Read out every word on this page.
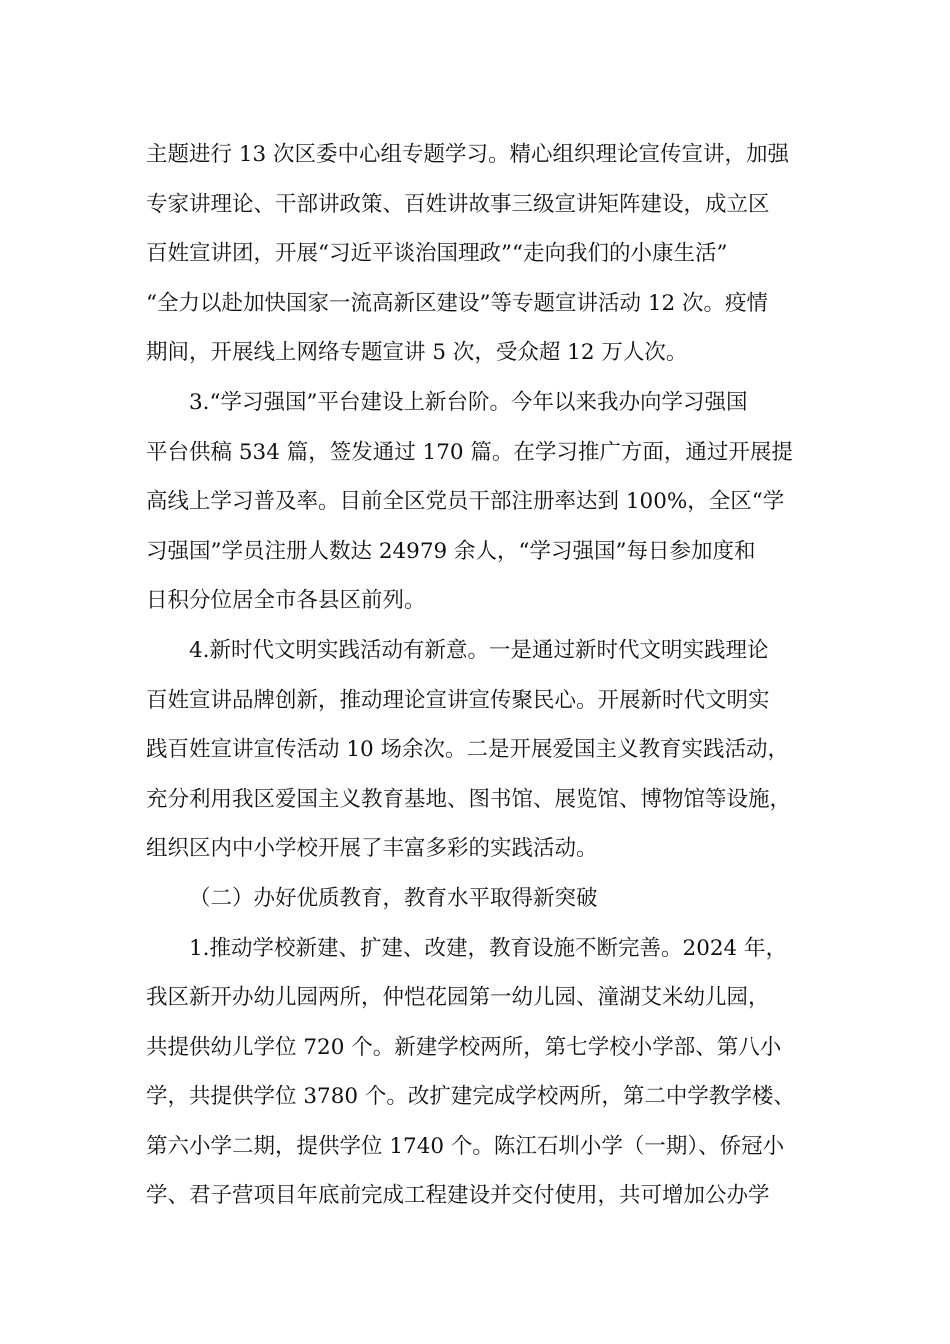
主题进行 13 次区委中心组专题学习。精心组织理论宣传宣讲，加强
专家讲理论、干部讲政策、百姓讲故事三级宣讲矩阵建设，成立区
百姓宣讲团，开展“习近平谈治国理政”“走向我们的小康生活”
“全力以赴加快国家一流高新区建设”等专题宣讲活动 12 次。疫情
期间，开展线上网络专题宣讲 5 次，受众超 12 万人次。
3.“学习强国”平台建设上新台阶。今年以来我办向学习强国
平台供稿 534 篇，签发通过 170 篇。在学习推广方面，通过开展提
高线上学习普及率。目前全区党员干部注册率达到 100%，全区“学
习强国”学员注册人数达 24979 余人，“学习强国”每日参加度和
日积分位居全市各县区前列。
4.新时代文明实践活动有新意。一是通过新时代文明实践理论
百姓宣讲品牌创新，推动理论宣讲宣传聚民心。开展新时代文明实
践百姓宣讲宣传活动 10 场余次。二是开展爱国主义教育实践活动，
充分利用我区爱国主义教育基地、图书馆、展览馆、博物馆等设施，
组织区内中小学校开展了丰富多彩的实践活动。
（二）办好优质教育，教育水平取得新突破
1.推动学校新建、扩建、改建，教育设施不断完善。2024 年，
我区新开办幼儿园两所，仲恺花园第一幼儿园、潼湖艾米幼儿园，
共提供幼儿学位 720 个。新建学校两所，第七学校小学部、第八小
学，共提供学位 3780 个。改扩建完成学校两所，第二中学教学楼、
第六小学二期，提供学位 1740 个。陈江石圳小学（一期）、侨冠小
学、君子营项目年底前完成工程建设并交付使用，共可增加公办学
